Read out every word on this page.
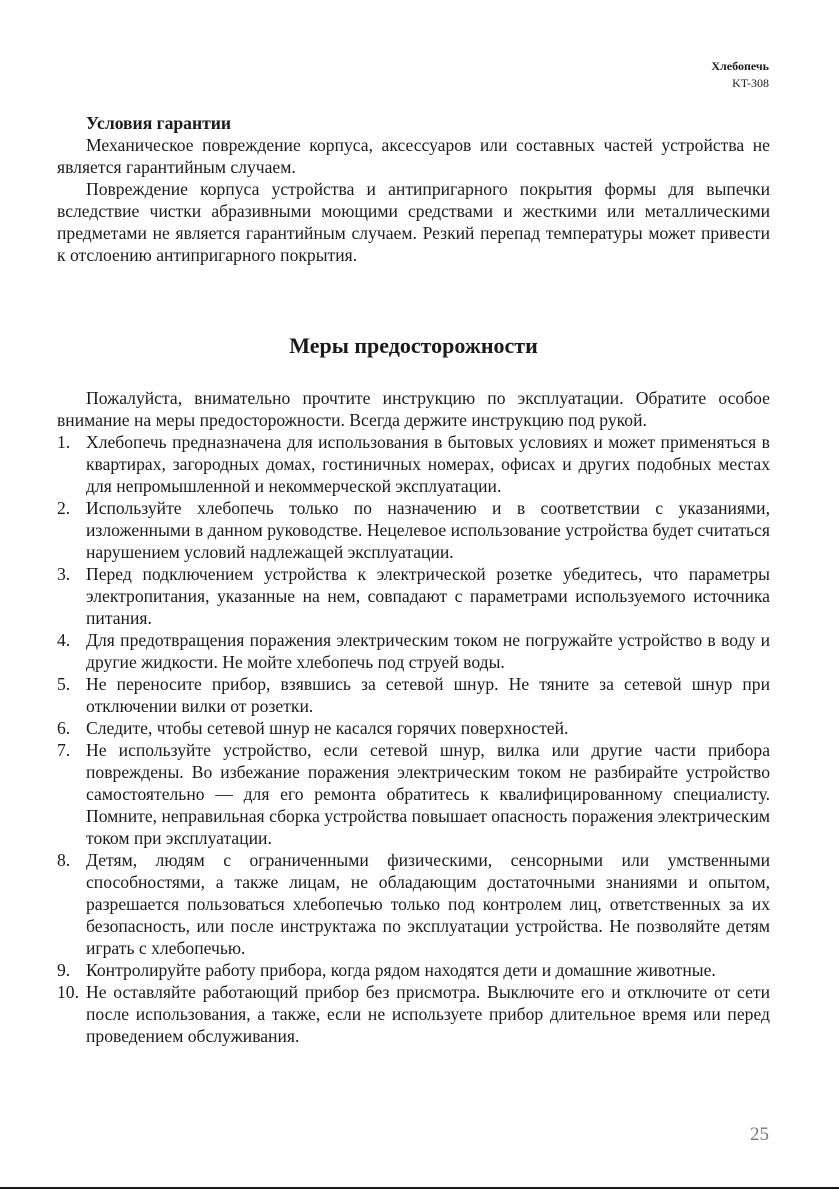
Хлебопечь
KT-308

Условия гарантии

Механическое повреждение корпуса, аксессуаров или составных частей устройства не является гарантийным случаем.

Повреждение корпуса устройства и антипригарного покрытия формы для выпечки вследствие чистки абразивными моющими средствами и жесткими или металлическими предметами не является гарантийным случаем. Резкий перепад температуры может привести к отслоению антипригарного покрытия.

Меры предосторожности

Пожалуйста, внимательно прочтите инструкцию по эксплуатации. Обратите особое внимание на меры предосторожности. Всегда держите инструкцию под рукой.

1. Хлебопечь предназначена для использования в бытовых условиях и может применяться в квартирах, загородных домах, гостиничных номерах, офисах и других подобных местах для непромышленной и некоммерческой эксплуатации.
2. Используйте хлебопечь только по назначению и в соответствии с указаниями, изложенными в данном руководстве. Нецелевое использование устройства будет считаться нарушением условий надлежащей эксплуатации.
3. Перед подключением устройства к электрической розетке убедитесь, что параметры электропитания, указанные на нем, совпадают с параметрами используемого источника питания.
4. Для предотвращения поражения электрическим током не погружайте устройство в воду и другие жидкости. Не мойте хлебопечь под струей воды.
5. Не переносите прибор, взявшись за сетевой шнур. Не тяните за сетевой шнур при отключении вилки от розетки.
6. Следите, чтобы сетевой шнур не касался горячих поверхностей.
7. Не используйте устройство, если сетевой шнур, вилка или другие части прибора повреждены. Во избежание поражения электрическим током не разбирайте устройство самостоятельно — для его ремонта обратитесь к квалифицированному специалисту. Помните, неправильная сборка устройства повышает опасность поражения электрическим током при эксплуатации.
8. Детям, людям с ограниченными физическими, сенсорными или умственными способностями, а также лицам, не обладающим достаточными знаниями и опытом, разрешается пользоваться хлебопечью только под контролем лиц, ответственных за их безопасность, или после инструктажа по эксплуатации устройства. Не позволяйте детям играть с хлебопечью.
9. Контролируйте работу прибора, когда рядом находятся дети и домашние животные.
10. Не оставляйте работающий прибор без присмотра. Выключите его и отключите от сети после использования, а также, если не используете прибор длительное время или перед проведением обслуживания.
25
